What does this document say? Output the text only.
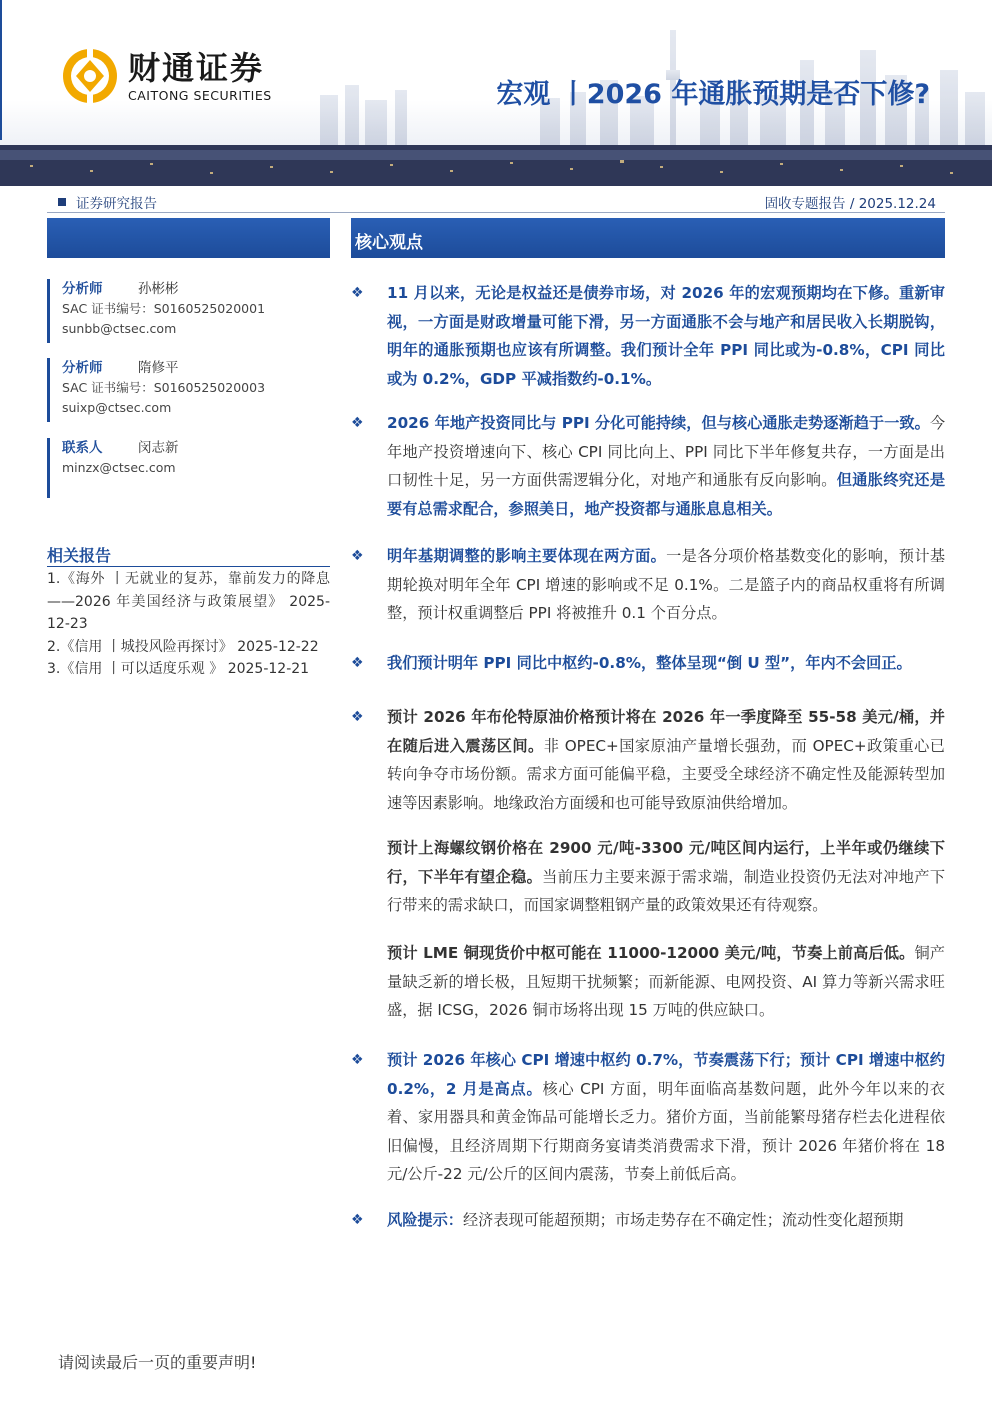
财通证券
CAITONG SECURITIES	宏观 丨2026 年通胀预期是否下修?
证券研究报告	固收专题报告 / 2025.12.24
分析师	孙彬彬
SAC 证书编号：S0160525020001
sunbb@ctsec.com
分析师	隋修平
SAC 证书编号：S0160525020003
suixp@ctsec.com
联系人	闵志新
minzx@ctsec.com
相关报告
1.《海外 丨无就业的复苏，靠前发力的降息——2026 年美国经济与政策展望》 2025-12-23
2.《信用 丨城投风险再探讨》 2025-12-22
3.《信用 丨可以适度乐观 》 2025-12-21
核心观点
❖	11 月以来，无论是权益还是债券市场，对 2026 年的宏观预期均在下修。重新审视，一方面是财政增量可能下滑，另一方面通胀不会与地产和居民收入长期脱钩，明年的通胀预期也应该有所调整。我们预计全年 PPI 同比或为-0.8%，CPI 同比或为 0.2%，GDP 平减指数约-0.1%。
❖	2026 年地产投资同比与 PPI 分化可能持续，但与核心通胀走势逐渐趋于一致。今年地产投资增速向下、核心 CPI 同比向上、PPI 同比下半年修复共存，一方面是出口韧性十足，另一方面供需逻辑分化，对地产和通胀有反向影响。但通胀终究还是要有总需求配合，参照美日，地产投资都与通胀息息相关。
❖	明年基期调整的影响主要体现在两方面。一是各分项价格基数变化的影响，预计基期轮换对明年全年 CPI 增速的影响或不足 0.1%。二是篮子内的商品权重将有所调整，预计权重调整后 PPI 将被推升 0.1 个百分点。
❖	我们预计明年 PPI 同比中枢约-0.8%，整体呈现“倒 U 型”，年内不会回正。
❖	预计 2026 年布伦特原油价格预计将在 2026 年一季度降至 55-58 美元/桶，并在随后进入震荡区间。非 OPEC+国家原油产量增长强劲，而 OPEC+政策重心已转向争夺市场份额。需求方面可能偏平稳，主要受全球经济不确定性及能源转型加速等因素影响。地缘政治方面缓和也可能导致原油供给增加。
预计上海螺纹钢价格在 2900 元/吨-3300 元/吨区间内运行，上半年或仍继续下行，下半年有望企稳。当前压力主要来源于需求端，制造业投资仍无法对冲地产下行带来的需求缺口，而国家调整粗钢产量的政策效果还有待观察。
预计 LME 铜现货价中枢可能在 11000-12000 美元/吨，节奏上前高后低。铜产量缺乏新的增长极，且短期干扰频繁；而新能源、电网投资、AI 算力等新兴需求旺盛，据 ICSG，2026 铜市场将出现 15 万吨的供应缺口。
❖	预计 2026 年核心 CPI 增速中枢约 0.7%，节奏震荡下行；预计 CPI 增速中枢约 0.2%，2 月是高点。核心 CPI 方面，明年面临高基数问题，此外今年以来的衣着、家用器具和黄金饰品可能增长乏力。猪价方面，当前能繁母猪存栏去化进程依旧偏慢，且经济周期下行期商务宴请类消费需求下滑，预计 2026 年猪价将在 18 元/公斤-22 元/公斤的区间内震荡，节奏上前低后高。
❖	风险提示：经济表现可能超预期；市场走势存在不确定性；流动性变化超预期
请阅读最后一页的重要声明!
